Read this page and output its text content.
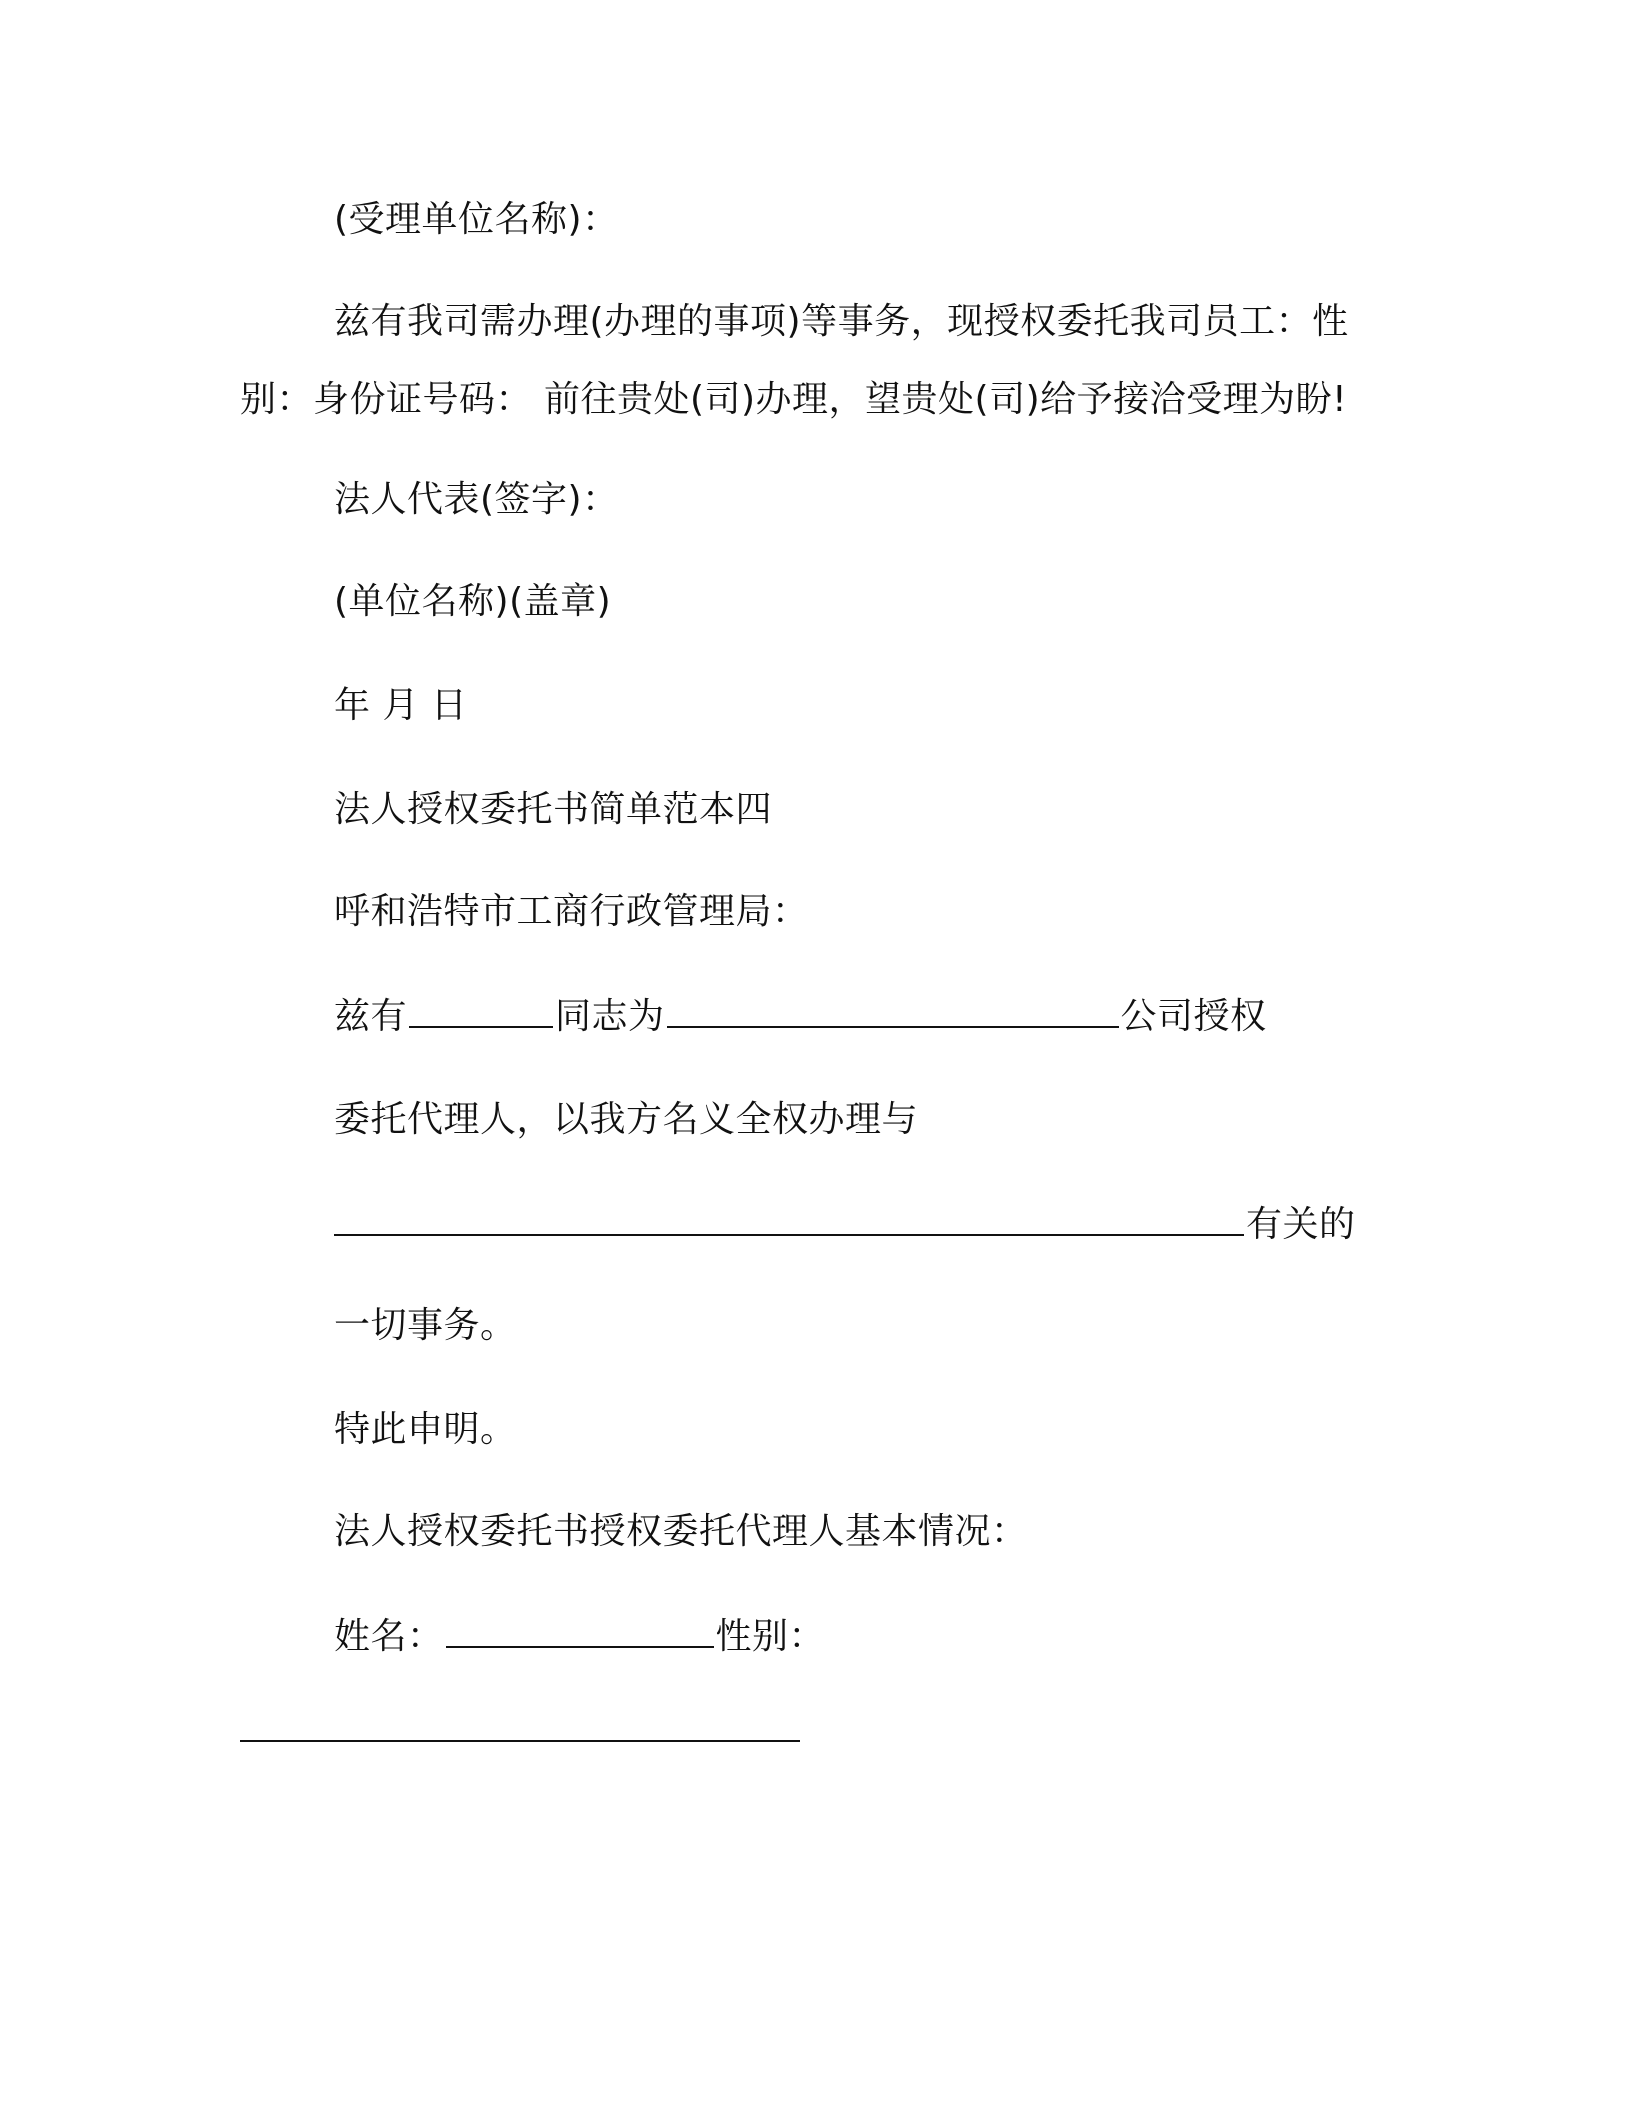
(受理单位名称)：
兹有我司需办理(办理的事项)等事务，现授权委托我司员工：性
别：身份证号码： 前往贵处(司)办理，望贵处(司)给予接洽受理为盼!
法人代表(签字)：
(单位名称)(盖章)
年 月 日
法人授权委托书简单范本四
呼和浩特市工商行政管理局：
兹有	同志为	公司授权
委托代理人，以我方名义全权办理与
有关的
一切事务。
特此申明。
法人授权委托书授权委托代理人基本情况：
姓名：	性别：
